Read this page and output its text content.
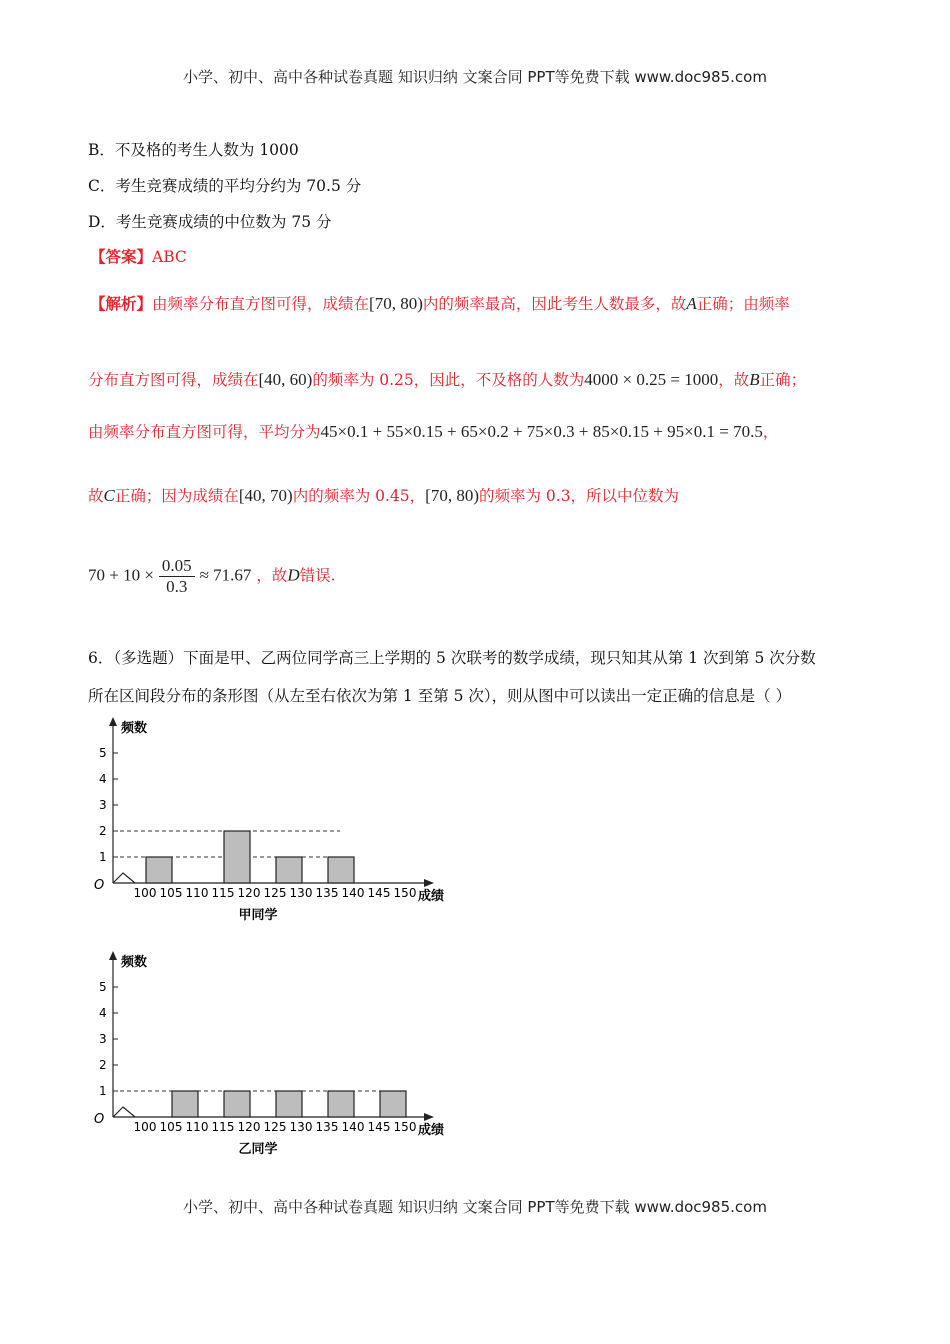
小学、初中、高中各种试卷真题 知识归纳 文案合同 PPT等免费下载 www.doc985.com
B．不及格的考生人数为 1000
C．考生竞赛成绩的平均分约为 70.5 分
D．考生竞赛成绩的中位数为 75 分
【答案】ABC
【解析】由频率分布直方图可得，成绩在[70, 80)内的频率最高，因此考生人数最多，故A正确；由频率
分布直方图可得，成绩在[40, 60)的频率为 0.25，因此，不及格的人数为4000 × 0.25 = 1000，故B正确；
由频率分布直方图可得，平均分为45×0.1 + 55×0.15 + 65×0.2 + 75×0.3 + 85×0.15 + 95×0.1 = 70.5，
故C正确；因为成绩在[40, 70)内的频率为 0.45，[70, 80)的频率为 0.3，所以中位数为
$70 + 10 \times \frac{0.05}{0.3} \approx 71.67$ ，故D错误.
6．（多选题）下面是甲、乙两位同学高三上学期的 5 次联考的数学成绩，现只知其从第 1 次到第 5 次分数
所在区间段分布的条形图（从左至右依次为第 1 至第 5 次），则从图中可以读出一定正确的信息是（ ）
O
1
2
3
4
5
频数
100 105 110 115 120 125 130 135 140 145 150 成绩
甲同学
O
1
2
3
4
5
频数
100 105 110 115 120 125 130 135 140 145 150 成绩
乙同学
小学、初中、高中各种试卷真题 知识归纳 文案合同 PPT等免费下载 www.doc985.com
